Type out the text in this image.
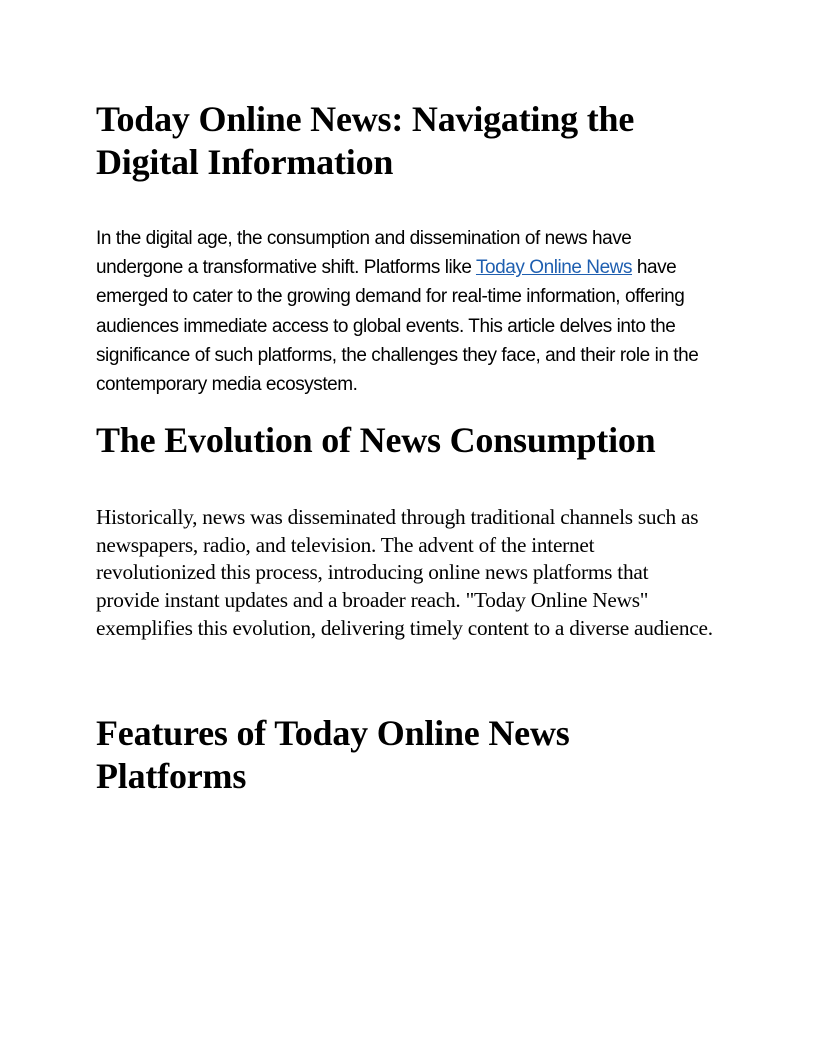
Today Online News: Navigating the Digital Information

In the digital age, the consumption and dissemination of news have undergone a transformative shift. Platforms like Today Online News have emerged to cater to the growing demand for real-time information, offering audiences immediate access to global events. This article delves into the significance of such platforms, the challenges they face, and their role in the contemporary media ecosystem.

The Evolution of News Consumption

Historically, news was disseminated through traditional channels such as newspapers, radio, and television. The advent of the internet revolutionized this process, introducing online news platforms that provide instant updates and a broader reach. "Today Online News" exemplifies this evolution, delivering timely content to a diverse audience.

Features of Today Online News Platforms
